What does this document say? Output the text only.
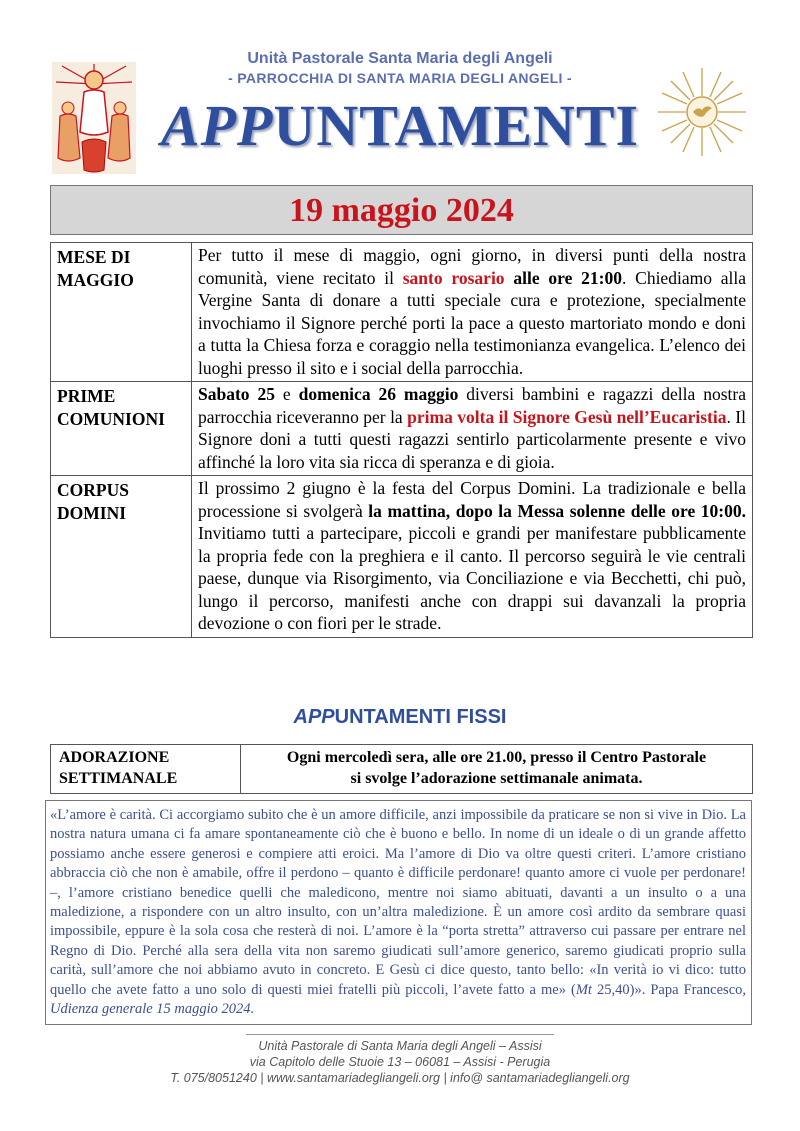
Unità Pastorale Santa Maria degli Angeli
- PARROCCHIA DI SANTA MARIA DEGLI ANGELI -
APPUNTAMENTI
19 maggio 2024
MESE DI
MAGGIO	Per tutto il mese di maggio, ogni giorno, in diversi punti della nostra comunità, viene recitato il santo rosario alle ore 21:00. Chiediamo alla Vergine Santa di donare a tutti speciale cura e protezione, specialmente invochiamo il Signore perché porti la pace a questo martoriato mondo e doni a tutta la Chiesa forza e coraggio nella testimonianza evangelica. L’elenco dei luoghi presso il sito e i social della parrocchia.
PRIME
COMUNIONI	Sabato 25 e domenica 26 maggio diversi bambini e ragazzi della nostra parrocchia riceveranno per la prima volta il Signore Gesù nell’Eucaristia. Il Signore doni a tutti questi ragazzi sentirlo particolarmente presente e vivo affinché la loro vita sia ricca di speranza e di gioia.
CORPUS
DOMINI	Il prossimo 2 giugno è la festa del Corpus Domini. La tradizionale e bella processione si svolgerà la mattina, dopo la Messa solenne delle ore 10:00. Invitiamo tutti a partecipare, piccoli e grandi per manifestare pubblicamente la propria fede con la preghiera e il canto. Il percorso seguirà le vie centrali paese, dunque via Risorgimento, via Conciliazione e via Becchetti, chi può, lungo il percorso, manifesti anche con drappi sui davanzali la propria devozione o con fiori per le strade.
APPUNTAMENTI FISSI
ADORAZIONE
SETTIMANALE	Ogni mercoledì sera, alle ore 21.00, presso il Centro Pastorale
si svolge l’adorazione settimanale animata.
«L’amore è carità. Ci accorgiamo subito che è un amore difficile, anzi impossibile da praticare se non si vive in Dio. La nostra natura umana ci fa amare spontaneamente ciò che è buono e bello. In nome di un ideale o di un grande affetto possiamo anche essere generosi e compiere atti eroici. Ma l’amore di Dio va oltre questi criteri. L’amore cristiano abbraccia ciò che non è amabile, offre il perdono – quanto è difficile perdonare! quanto amore ci vuole per perdonare! –, l’amore cristiano benedice quelli che maledicono, mentre noi siamo abituati, davanti a un insulto o a una maledizione, a rispondere con un altro insulto, con un’altra maledizione. È un amore così ardito da sembrare quasi impossibile, eppure è la sola cosa che resterà di noi. L’amore è la “porta stretta” attraverso cui passare per entrare nel Regno di Dio. Perché alla sera della vita non saremo giudicati sull’amore generico, saremo giudicati proprio sulla carità, sull’amore che noi abbiamo avuto in concreto. E Gesù ci dice questo, tanto bello: «In verità io vi dico: tutto quello che avete fatto a uno solo di questi miei fratelli più piccoli, l’avete fatto a me» (Mt 25,40)». Papa Francesco, Udienza generale 15 maggio 2024.
Unità Pastorale di Santa Maria degli Angeli – Assisi
via Capitolo delle Stuoie 13 – 06081 – Assisi - Perugia
T. 075/8051240 | www.santamariadegliangeli.org | info@ santamariadegliangeli.org
